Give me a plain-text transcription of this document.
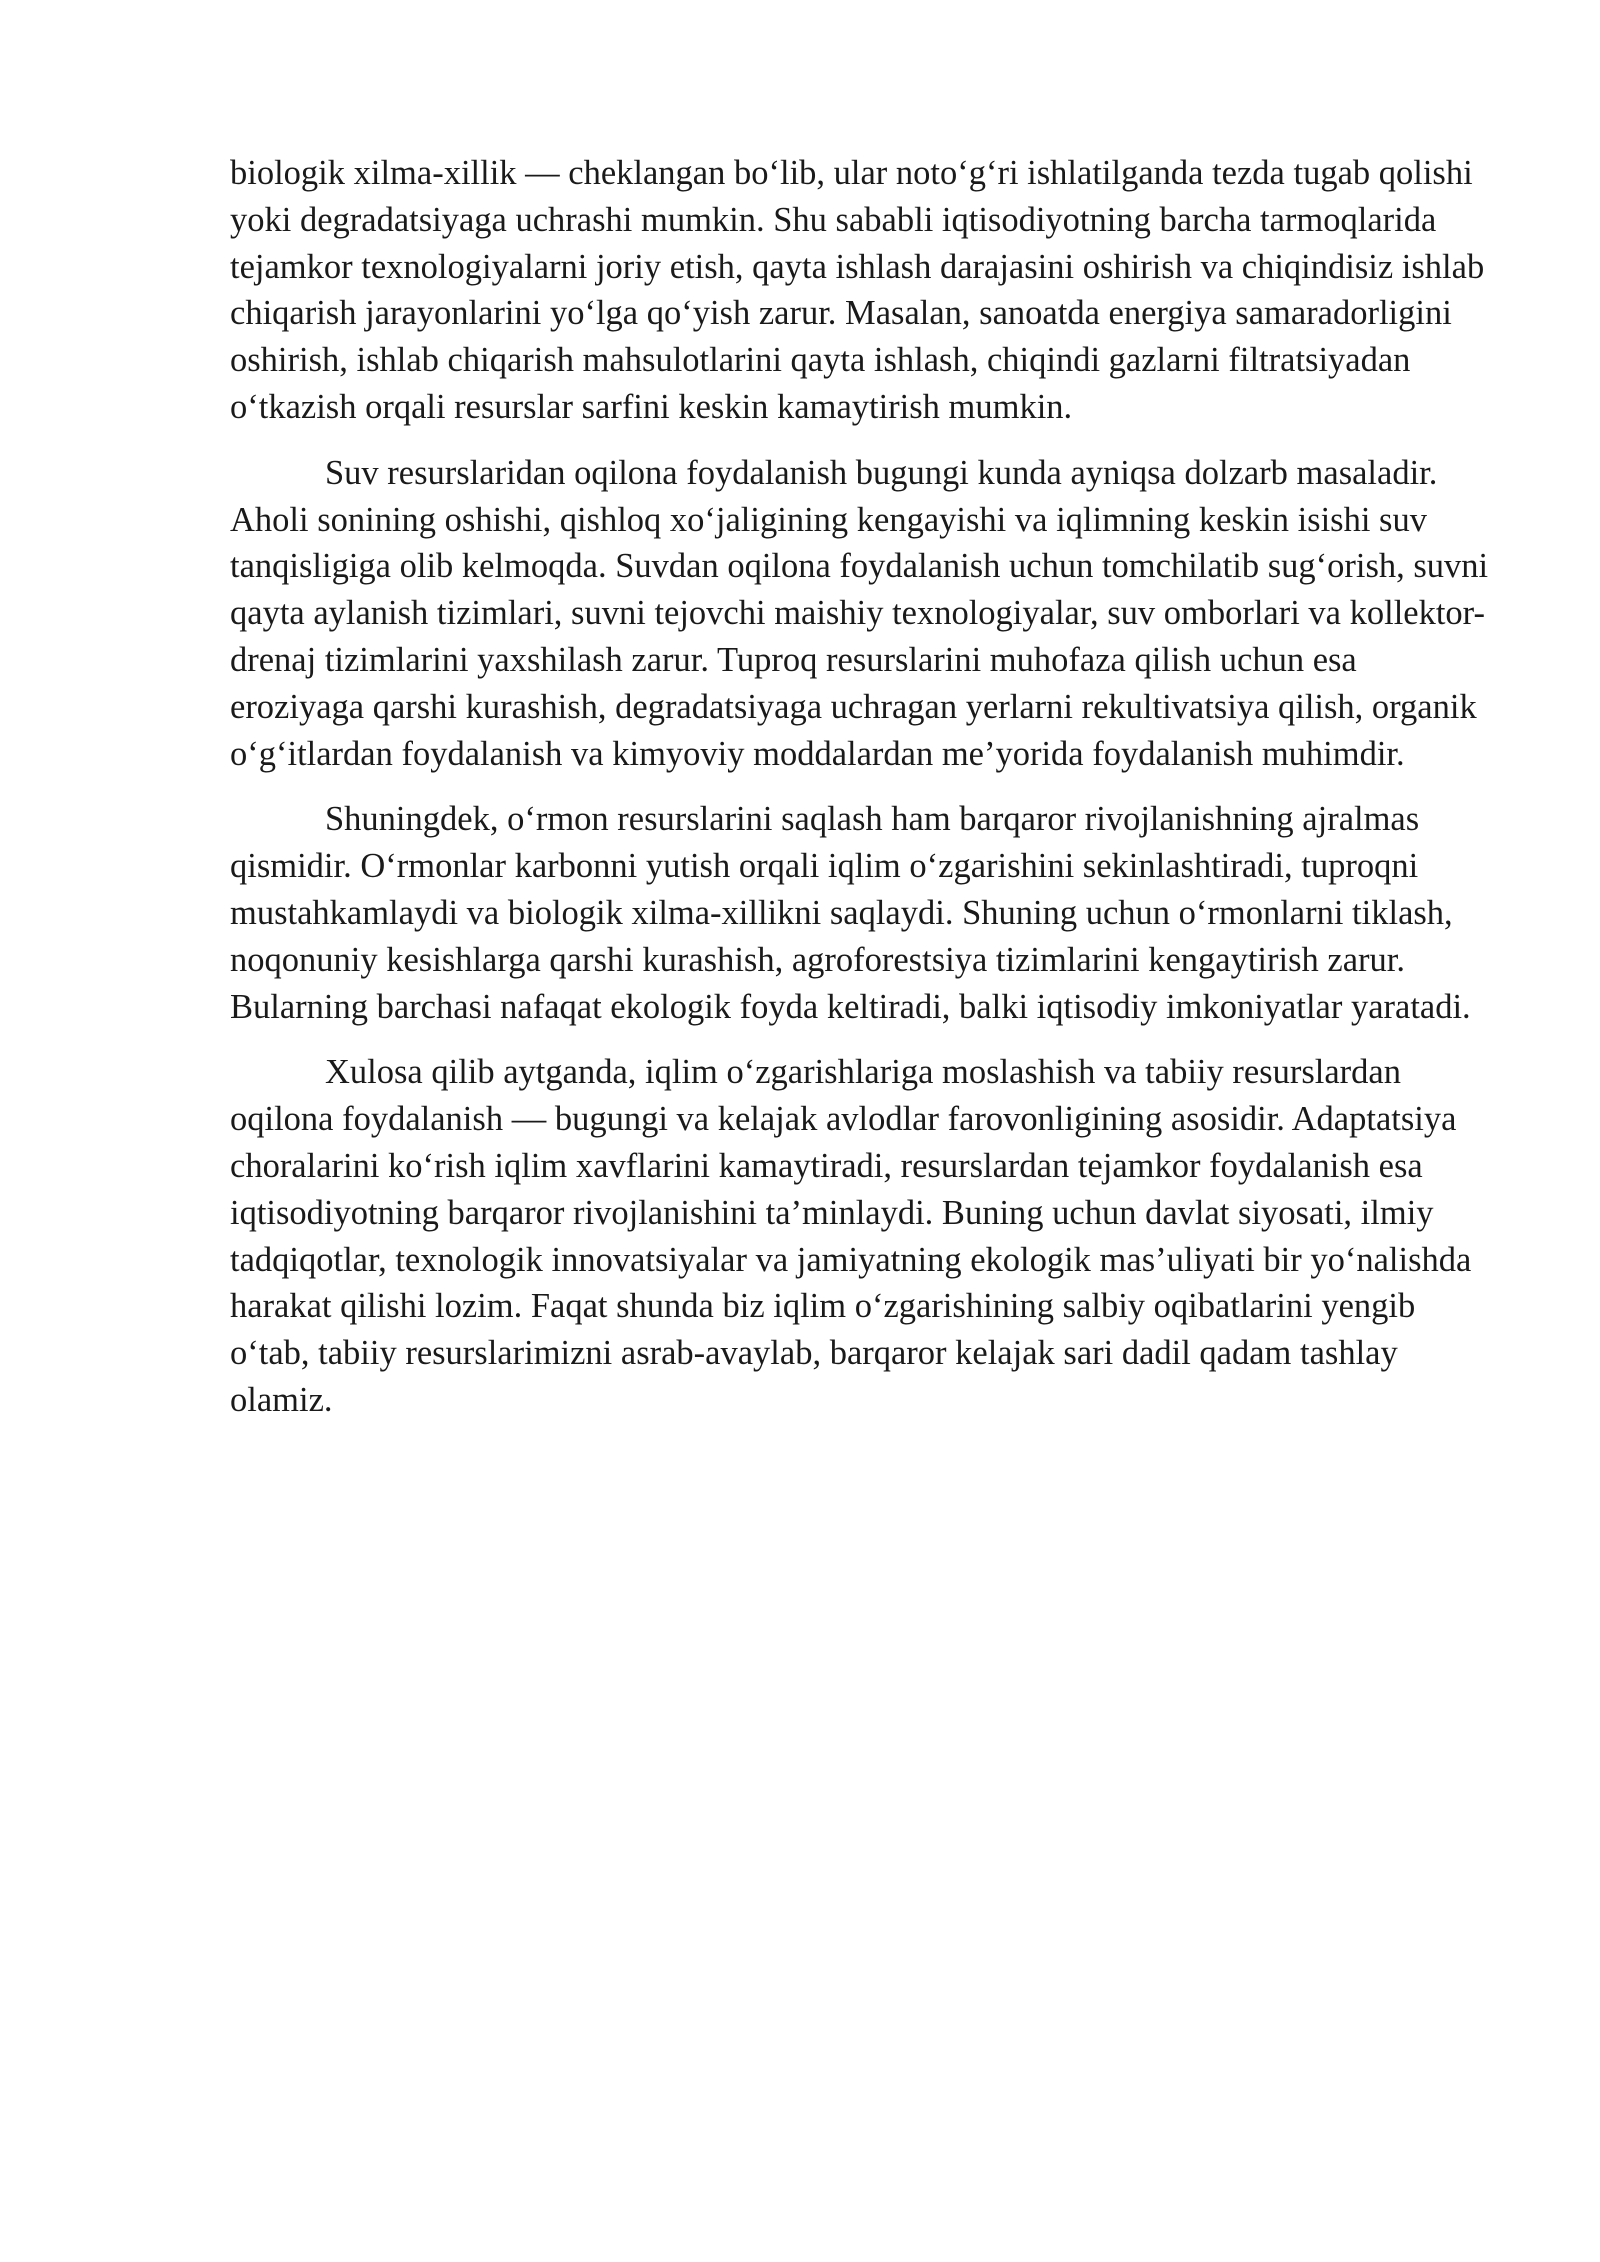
biologik xilma-xillik — cheklangan bo‘lib, ular noto‘g‘ri ishlatilganda tezda tugab qolishi yoki degradatsiyaga uchrashi mumkin. Shu sababli iqtisodiyotning barcha tarmoqlarida tejamkor texnologiyalarni joriy etish, qayta ishlash darajasini oshirish va chiqindisiz ishlab chiqarish jarayonlarini yo‘lga qo‘yish zarur. Masalan, sanoatda energiya samaradorligini oshirish, ishlab chiqarish mahsulotlarini qayta ishlash, chiqindi gazlarni filtratsiyadan o‘tkazish orqali resurslar sarfini keskin kamaytirish mumkin.

Suv resurslaridan oqilona foydalanish bugungi kunda ayniqsa dolzarb masaladir. Aholi sonining oshishi, qishloq xo‘jaligining kengayishi va iqlimning keskin isishi suv tanqisligiga olib kelmoqda. Suvdan oqilona foydalanish uchun tomchilatib sug‘orish, suvni qayta aylanish tizimlari, suvni tejovchi maishiy texnologiyalar, suv omborlari va kollektor-drenaj tizimlarini yaxshilash zarur. Tuproq resurslarini muhofaza qilish uchun esa eroziyaga qarshi kurashish, degradatsiyaga uchragan yerlarni rekultivatsiya qilish, organik o‘g‘itlardan foydalanish va kimyoviy moddalardan me’yorida foydalanish muhimdir.

Shuningdek, o‘rmon resurslarini saqlash ham barqaror rivojlanishning ajralmas qismidir. O‘rmonlar karbonni yutish orqali iqlim o‘zgarishini sekinlashtiradi, tuproqni mustahkamlaydi va biologik xilma-xillikni saqlaydi. Shuning uchun o‘rmonlarni tiklash, noqonuniy kesishlarga qarshi kurashish, agroforestsiya tizimlarini kengaytirish zarur. Bularning barchasi nafaqat ekologik foyda keltiradi, balki iqtisodiy imkoniyatlar yaratadi.

Xulosa qilib aytganda, iqlim o‘zgarishlariga moslashish va tabiiy resurslardan oqilona foydalanish — bugungi va kelajak avlodlar farovonligining asosidir. Adaptatsiya choralarini ko‘rish iqlim xavflarini kamaytiradi, resurslardan tejamkor foydalanish esa iqtisodiyotning barqaror rivojlanishini ta’minlaydi. Buning uchun davlat siyosati, ilmiy tadqiqotlar, texnologik innovatsiyalar va jamiyatning ekologik mas’uliyati bir yo‘nalishda harakat qilishi lozim. Faqat shunda biz iqlim o‘zgarishining salbiy oqibatlarini yengib o‘tab, tabiiy resurslarimizni asrab-avaylab, barqaror kelajak sari dadil qadam tashlay olamiz.
